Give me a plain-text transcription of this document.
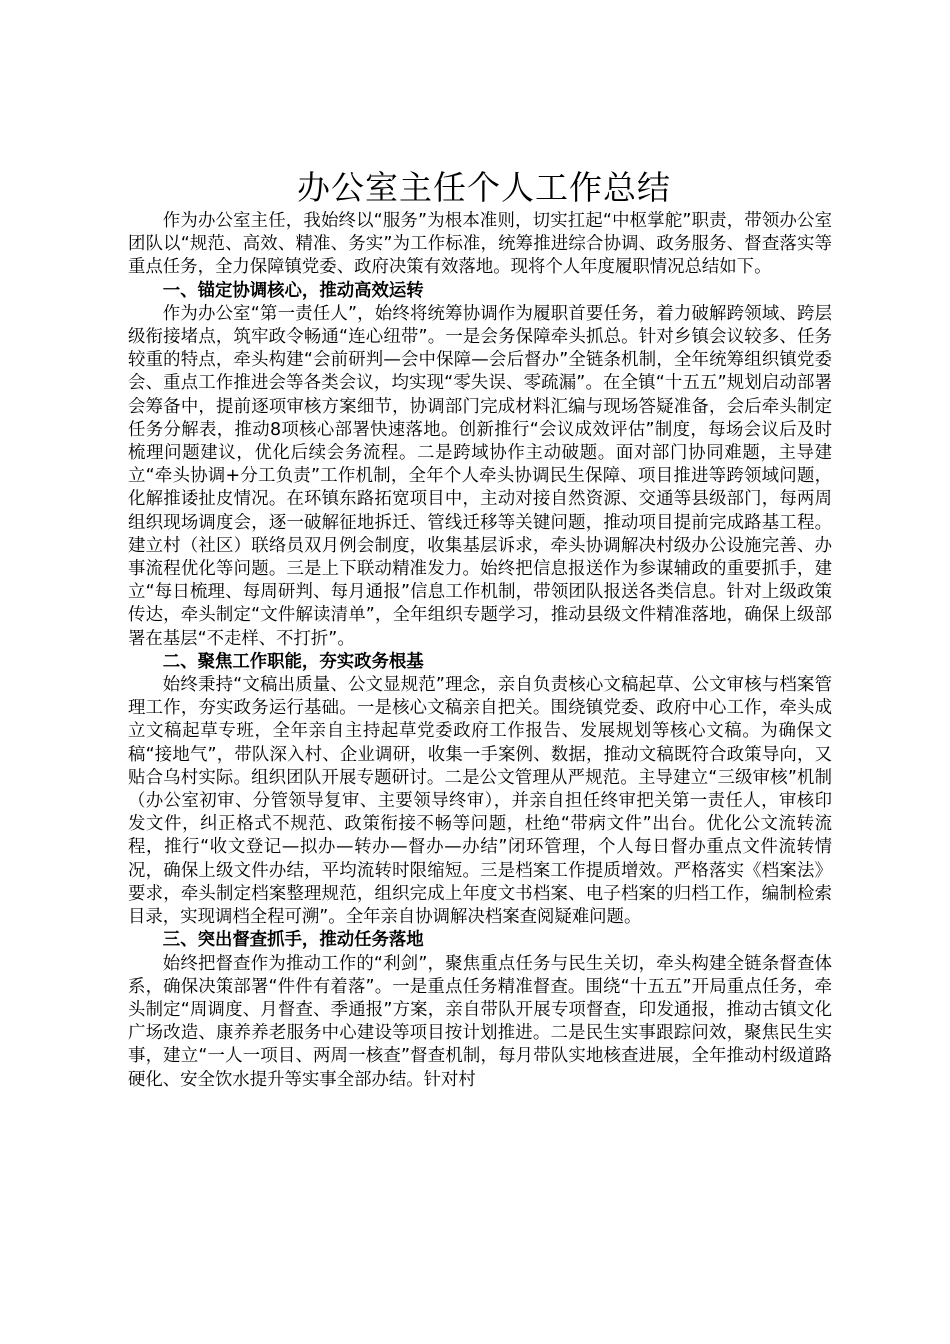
办公室主任个人工作总结

作为办公室主任，我始终以“服务”为根本准则，切实扛起“中枢掌舵”职责，带领办公室团队以“规范、高效、精准、务实”为工作标准，统筹推进综合协调、政务服务、督查落实等重点任务，全力保障镇党委、政府决策有效落地。现将个人年度履职情况总结如下。

一、锚定协调核心，推动高效运转

作为办公室“第一责任人”，始终将统筹协调作为履职首要任务，着力破解跨领域、跨层级衔接堵点，筑牢政令畅通“连心纽带”。一是会务保障牵头抓总。针对乡镇会议较多、任务较重的特点，牵头构建“会前研判—会中保障—会后督办”全链条机制，全年统筹组织镇党委会、重点工作推进会等各类会议，均实现“零失误、零疏漏”。在全镇“十五五”规划启动部署会筹备中，提前逐项审核方案细节，协调部门完成材料汇编与现场答疑准备，会后牵头制定任务分解表，推动8项核心部署快速落地。创新推行“会议成效评估”制度，每场会议后及时梳理问题建议，优化后续会务流程。二是跨域协作主动破题。面对部门协同难题，主导建立“牵头协调+分工负责”工作机制，全年个人牵头协调民生保障、项目推进等跨领域问题，化解推诿扯皮情况。在环镇东路拓宽项目中，主动对接自然资源、交通等县级部门，每两周组织现场调度会，逐一破解征地拆迁、管线迁移等关键问题，推动项目提前完成路基工程。建立村（社区）联络员双月例会制度，收集基层诉求，牵头协调解决村级办公设施完善、办事流程优化等问题。三是上下联动精准发力。始终把信息报送作为参谋辅政的重要抓手，建立“每日梳理、每周研判、每月通报”信息工作机制，带领团队报送各类信息。针对上级政策传达，牵头制定“文件解读清单”，全年组织专题学习，推动县级文件精准落地，确保上级部署在基层“不走样、不打折”。

二、聚焦工作职能，夯实政务根基

始终秉持“文稿出质量、公文显规范”理念，亲自负责核心文稿起草、公文审核与档案管理工作，夯实政务运行基础。一是核心文稿亲自把关。围绕镇党委、政府中心工作，牵头成立文稿起草专班，全年亲自主持起草党委政府工作报告、发展规划等核心文稿。为确保文稿“接地气”，带队深入村、企业调研，收集一手案例、数据，推动文稿既符合政策导向，又贴合乌村实际。组织团队开展专题研讨。二是公文管理从严规范。主导建立“三级审核”机制（办公室初审、分管领导复审、主要领导终审），并亲自担任终审把关第一责任人，审核印发文件，纠正格式不规范、政策衔接不畅等问题，杜绝“带病文件”出台。优化公文流转流程，推行“收文登记—拟办—转办—督办—办结”闭环管理，个人每日督办重点文件流转情况，确保上级文件办结，平均流转时限缩短。三是档案工作提质增效。严格落实《档案法》要求，牵头制定档案整理规范，组织完成上年度文书档案、电子档案的归档工作，编制检索目录，实现调档全程可溯”。全年亲自协调解决档案查阅疑难问题。

三、突出督查抓手，推动任务落地

始终把督查作为推动工作的“利剑”，聚焦重点任务与民生关切，牵头构建全链条督查体系，确保决策部署“件件有着落”。一是重点任务精准督查。围绕“十五五”开局重点任务，牵头制定“周调度、月督查、季通报”方案，亲自带队开展专项督查，印发通报，推动古镇文化广场改造、康养养老服务中心建设等项目按计划推进。二是民生实事跟踪问效，聚焦民生实事，建立“一人一项目、两周一核查”督查机制，每月带队实地核查进展，全年推动村级道路硬化、安全饮水提升等实事全部办结。针对村
